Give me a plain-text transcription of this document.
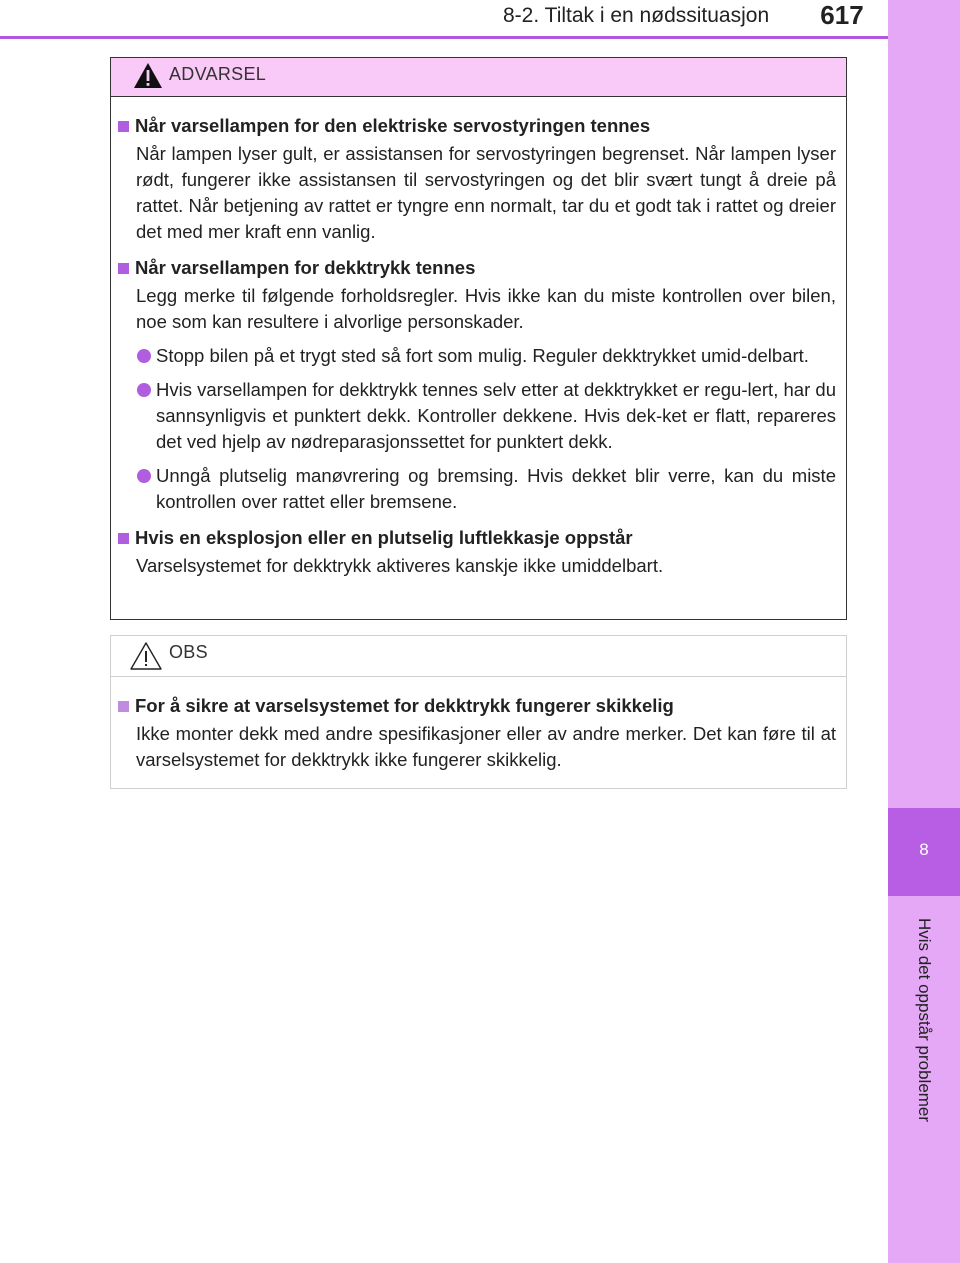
8-2. Tiltak i en nødssituasjon	617
8
Hvis det oppstår problemer
ADVARSEL
Når varsellampen for den elektriske servostyringen tennes
Når lampen lyser gult, er assistansen for servostyringen begrenset. Når lampen lyser rødt, fungerer ikke assistansen til servostyringen og det blir svært tungt å dreie på rattet. Når betjening av rattet er tyngre enn normalt, tar du et godt tak i rattet og dreier det med mer kraft enn vanlig.
Når varsellampen for dekktrykk tennes
Legg merke til følgende forholdsregler. Hvis ikke kan du miste kontrollen over bilen, noe som kan resultere i alvorlige personskader.
Stopp bilen på et trygt sted så fort som mulig. Reguler dekktrykket umid-delbart.
Hvis varsellampen for dekktrykk tennes selv etter at dekktrykket er regu-lert, har du sannsynligvis et punktert dekk. Kontroller dekkene. Hvis dek-ket er flatt, repareres det ved hjelp av nødreparasjonssettet for punktert dekk.
Unngå plutselig manøvrering og bremsing. Hvis dekket blir verre, kan du miste kontrollen over rattet eller bremsene.
Hvis en eksplosjon eller en plutselig luftlekkasje oppstår
Varselsystemet for dekktrykk aktiveres kanskje ikke umiddelbart.
OBS
For å sikre at varselsystemet for dekktrykk fungerer skikkelig
Ikke monter dekk med andre spesifikasjoner eller av andre merker. Det kan føre til at varselsystemet for dekktrykk ikke fungerer skikkelig.
